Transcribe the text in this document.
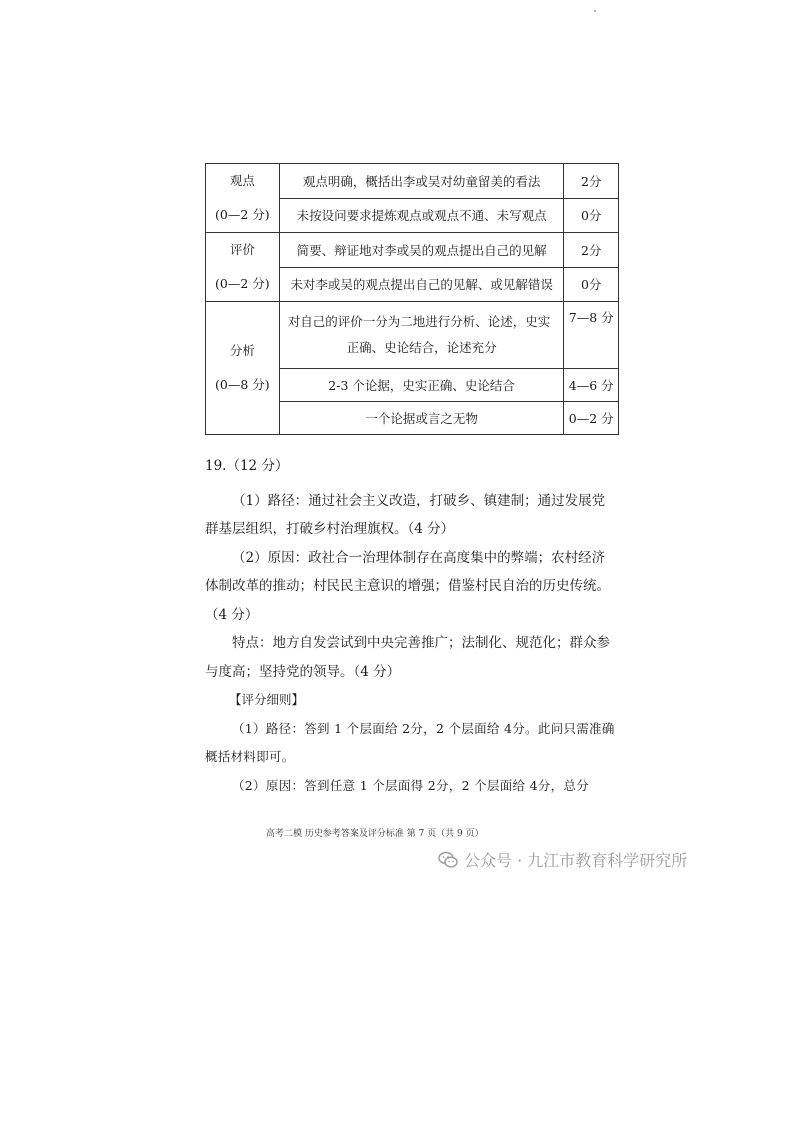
观点
(0—2 分)	观点明确，概括出李或吴对幼童留美的看法	2分
	未按设问要求提炼观点或观点不通、未写观点	0分

评价
(0—2 分)	简要、辩证地对李或吴的观点提出自己的见解	2分
	未对李或吴的观点提出自己的见解、或见解错误	0分

分析
(0—8 分)	对自己的评价一分为二地进行分析、论述，史实
正确、史论结合，论述充分	7—8 分
	2-3 个论据，史实正确、史论结合	4—6 分
	一个论据或言之无物	0—2 分

19.（12 分）

（1）路径：通过社会主义改造，打破乡、镇建制；通过发展党群基层组织，打破乡村治理旗权。（4 分）

（2）原因：政社合一治理体制存在高度集中的弊端；农村经济体制改革的推动；村民民主意识的增强；借鉴村民自治的历史传统。（4 分）

特点：地方自发尝试到中央完善推广；法制化、规范化；群众参与度高；坚持党的领导。（4 分）

【评分细则】

（1）路径：答到 1 个层面给 2分，2 个层面给 4分。此问只需准确概括材料即可。

（2）原因：答到任意 1 个层面得 2分，2 个层面给 4分，总分

高考二模 历史参考答案及评分标准 第 7 页（共 9 页）
公众号 · 九江市教育科学研究所
